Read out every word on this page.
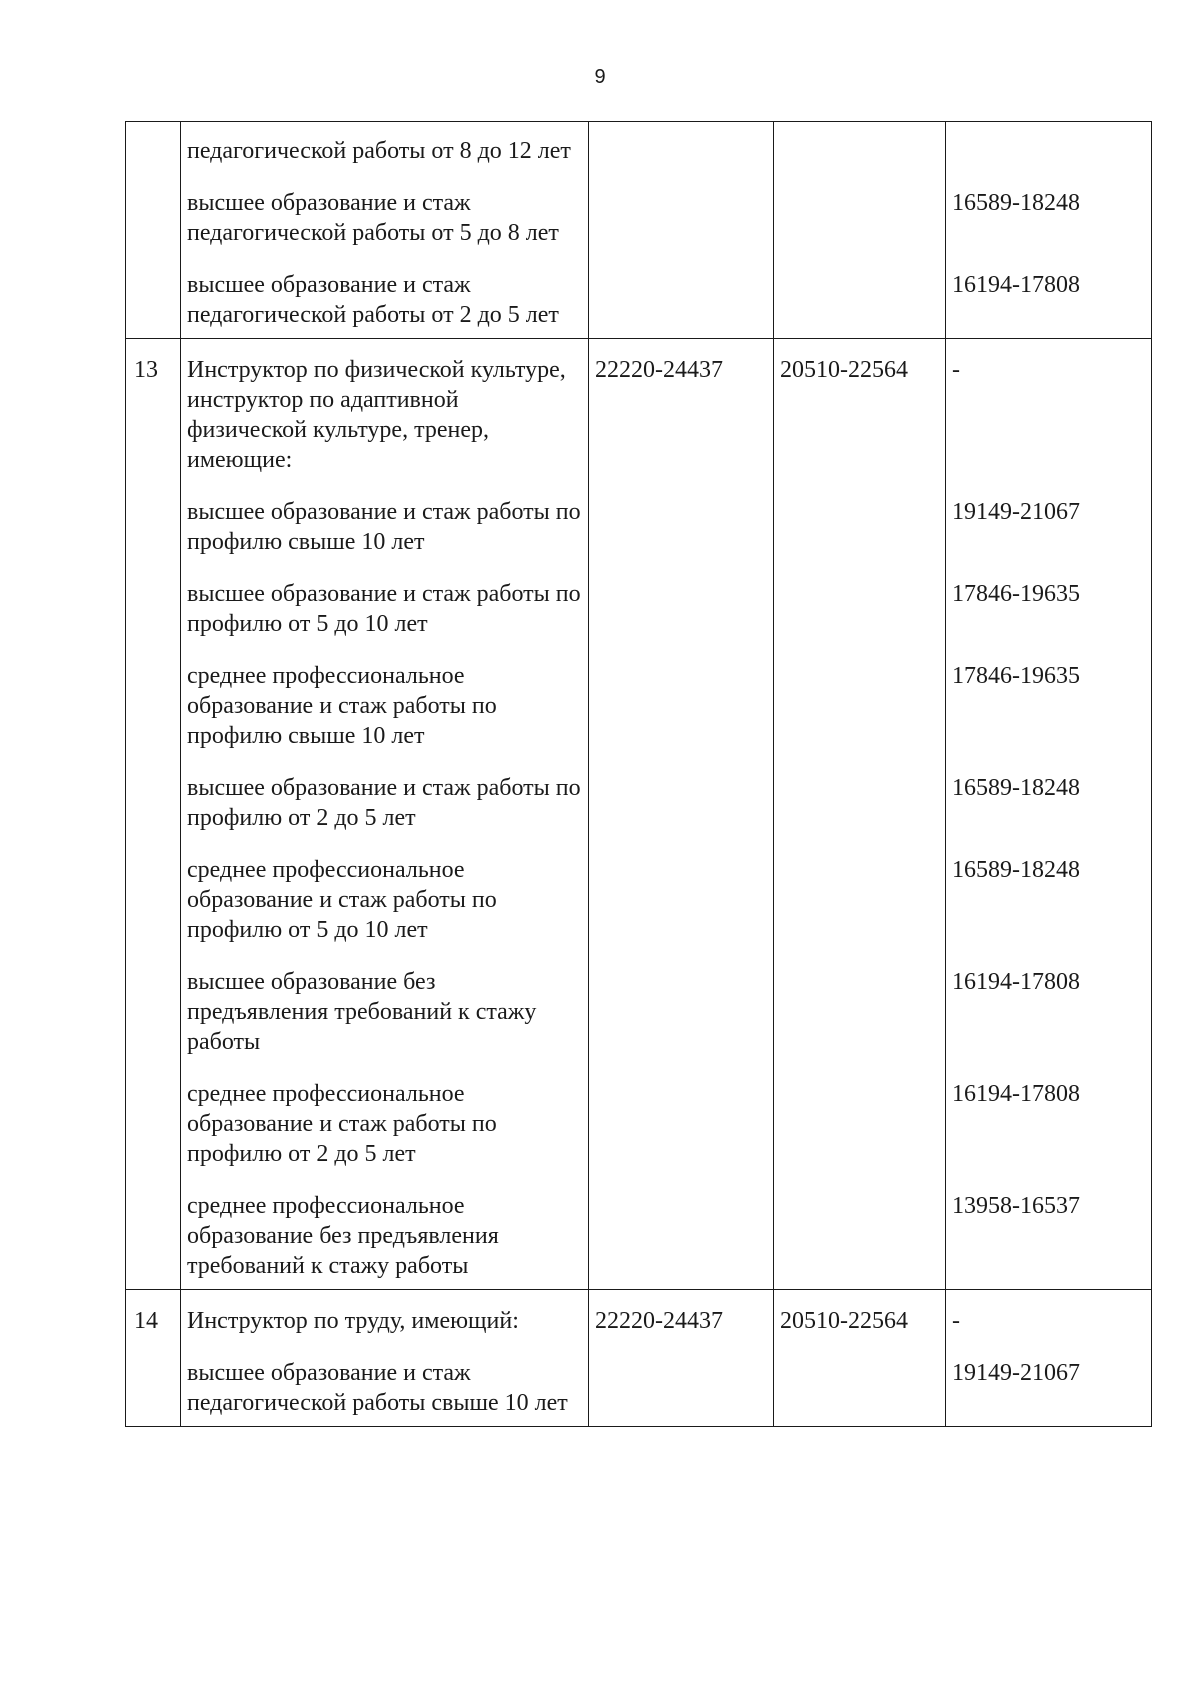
9
	педагогической работы от 8 до 12 лет			
	высшее образование и стаж педагогической работы от 5 до 8 лет			16589-18248
	высшее образование и стаж педагогической работы от 2 до 5 лет			16194-17808
13	Инструктор по физической культуре, инструктор по адаптивной физической культуре, тренер, имеющие:	22220-24437	20510-22564	-
	высшее образование и стаж работы по профилю свыше 10 лет			19149-21067
	высшее образование и стаж работы по профилю от 5 до 10 лет			17846-19635
	среднее профессиональное образование и стаж работы по профилю свыше 10 лет			17846-19635
	высшее образование и стаж работы по профилю от 2 до 5 лет			16589-18248
	среднее профессиональное образование и стаж работы по профилю от 5 до 10 лет			16589-18248
	высшее образование без предъявления требований к стажу работы			16194-17808
	среднее профессиональное образование и стаж работы по профилю от 2 до 5 лет			16194-17808
	среднее профессиональное образование без предъявления требований к стажу работы			13958-16537
14	Инструктор по труду, имеющий:	22220-24437	20510-22564	-
	высшее образование и стаж педагогической работы свыше 10 лет			19149-21067
